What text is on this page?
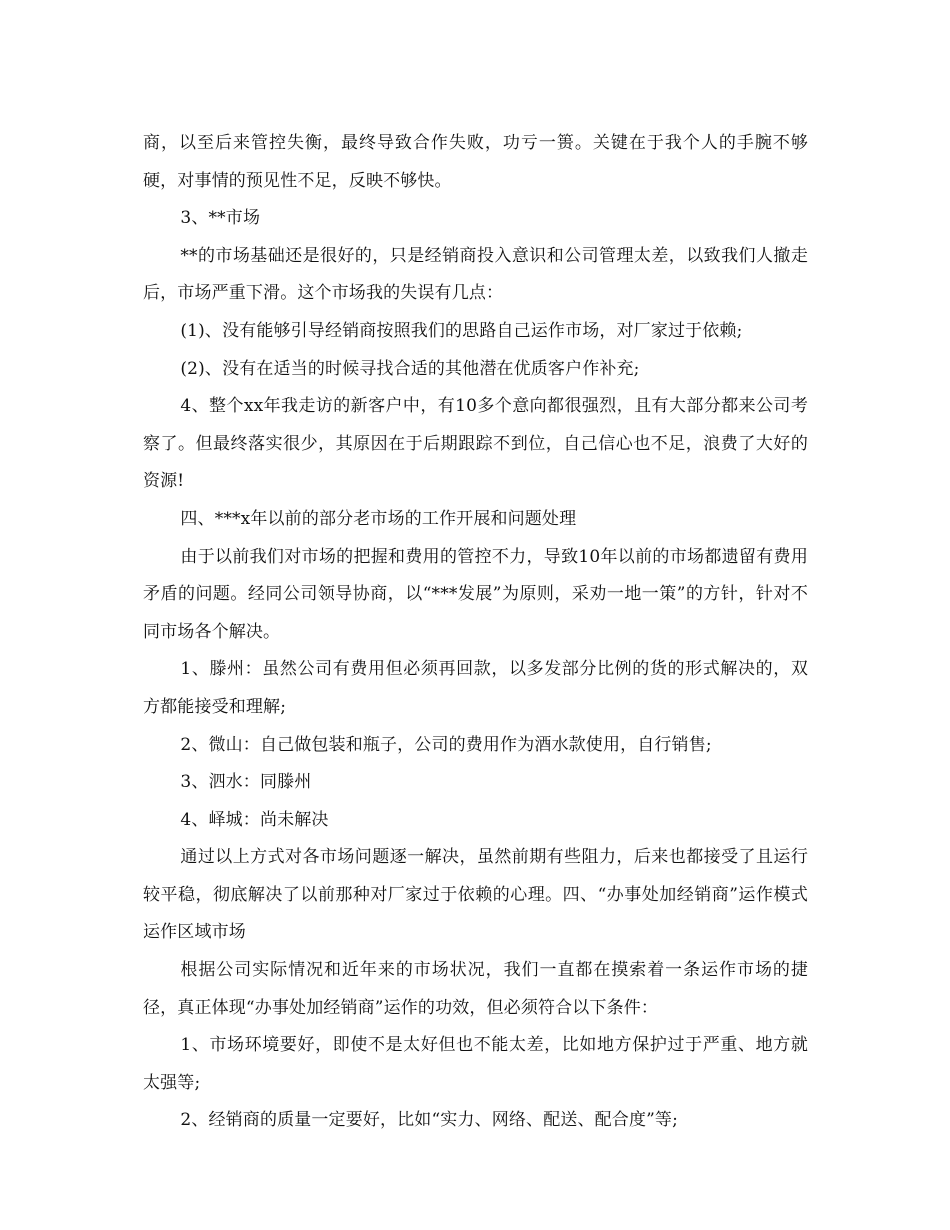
商，以至后来管控失衡，最终导致合作失败，功亏一篑。关键在于我个人的手腕不够硬，对事情的预见性不足，反映不够快。

3、**市场

**的市场基础还是很好的，只是经销商投入意识和公司管理太差，以致我们人撤走后，市场严重下滑。这个市场我的失误有几点：

(1)、没有能够引导经销商按照我们的思路自己运作市场，对厂家过于依赖;

(2)、没有在适当的时候寻找合适的其他潜在优质客户作补充;

4、整个xx年我走访的新客户中，有10多个意向都很强烈，且有大部分都来公司考察了。但最终落实很少，其原因在于后期跟踪不到位，自己信心也不足，浪费了大好的资源!

四、***x年以前的部分老市场的工作开展和问题处理

由于以前我们对市场的把握和费用的管控不力，导致10年以前的市场都遗留有费用矛盾的问题。经同公司领导协商，以“***发展”为原则，采劝一地一策”的方针，针对不同市场各个解决。

1、滕州：虽然公司有费用但必须再回款，以多发部分比例的货的形式解决的，双方都能接受和理解;

2、微山：自己做包装和瓶子，公司的费用作为酒水款使用，自行销售;

3、泗水：同滕州

4、峄城：尚未解决

通过以上方式对各市场问题逐一解决，虽然前期有些阻力，后来也都接受了且运行较平稳，彻底解决了以前那种对厂家过于依赖的心理。四、“办事处加经销商”运作模式运作区域市场

根据公司实际情况和近年来的市场状况，我们一直都在摸索着一条运作市场的捷径，真正体现“办事处加经销商”运作的功效，但必须符合以下条件：

1、市场环境要好，即使不是太好但也不能太差，比如地方保护过于严重、地方就太强等;

2、经销商的质量一定要好，比如“实力、网络、配送、配合度”等;
